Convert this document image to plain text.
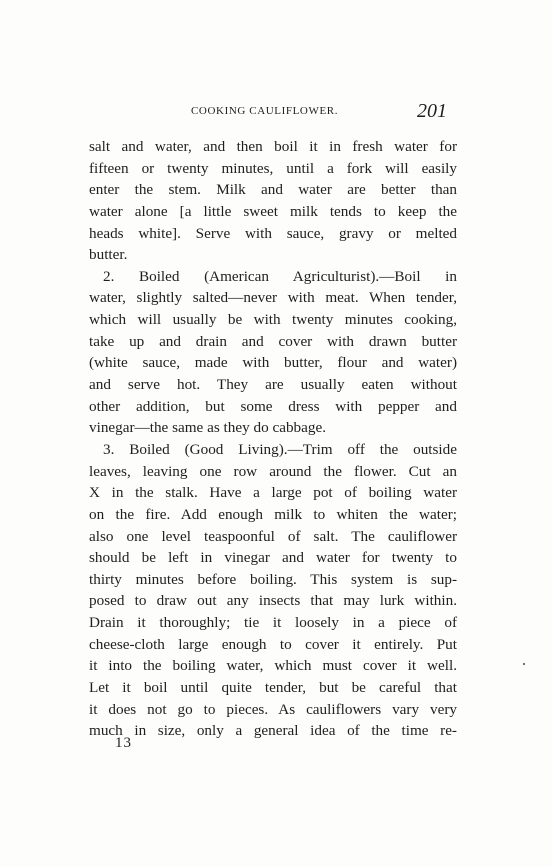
COOKING CAULIFLOWER.	201
salt and water, and then boil it in fresh water for
fifteen or twenty minutes, until a fork will easily
enter the stem. Milk and water are better than
water alone [a little sweet milk tends to keep the
heads white]. Serve with sauce, gravy or melted
butter.
2. Boiled (American Agriculturist).—Boil in
water, slightly salted—never with meat. When tender,
which will usually be with twenty minutes cooking,
take up and drain and cover with drawn butter
(white sauce, made with butter, flour and water)
and serve hot. They are usually eaten without
other addition, but some dress with pepper and
vinegar—the same as they do cabbage.
3. Boiled (Good Living).—Trim off the outside
leaves, leaving one row around the flower. Cut an
X in the stalk. Have a large pot of boiling water
on the fire. Add enough milk to whiten the water;
also one level teaspoonful of salt. The cauliflower
should be left in vinegar and water for twenty to
thirty minutes before boiling. This system is sup-
posed to draw out any insects that may lurk within.
Drain it thoroughly; tie it loosely in a piece of
cheese-cloth large enough to cover it entirely. Put
it into the boiling water, which must cover it well.
Let it boil until quite tender, but be careful that
it does not go to pieces. As cauliflowers vary very
much in size, only a general idea of the time re-
13
